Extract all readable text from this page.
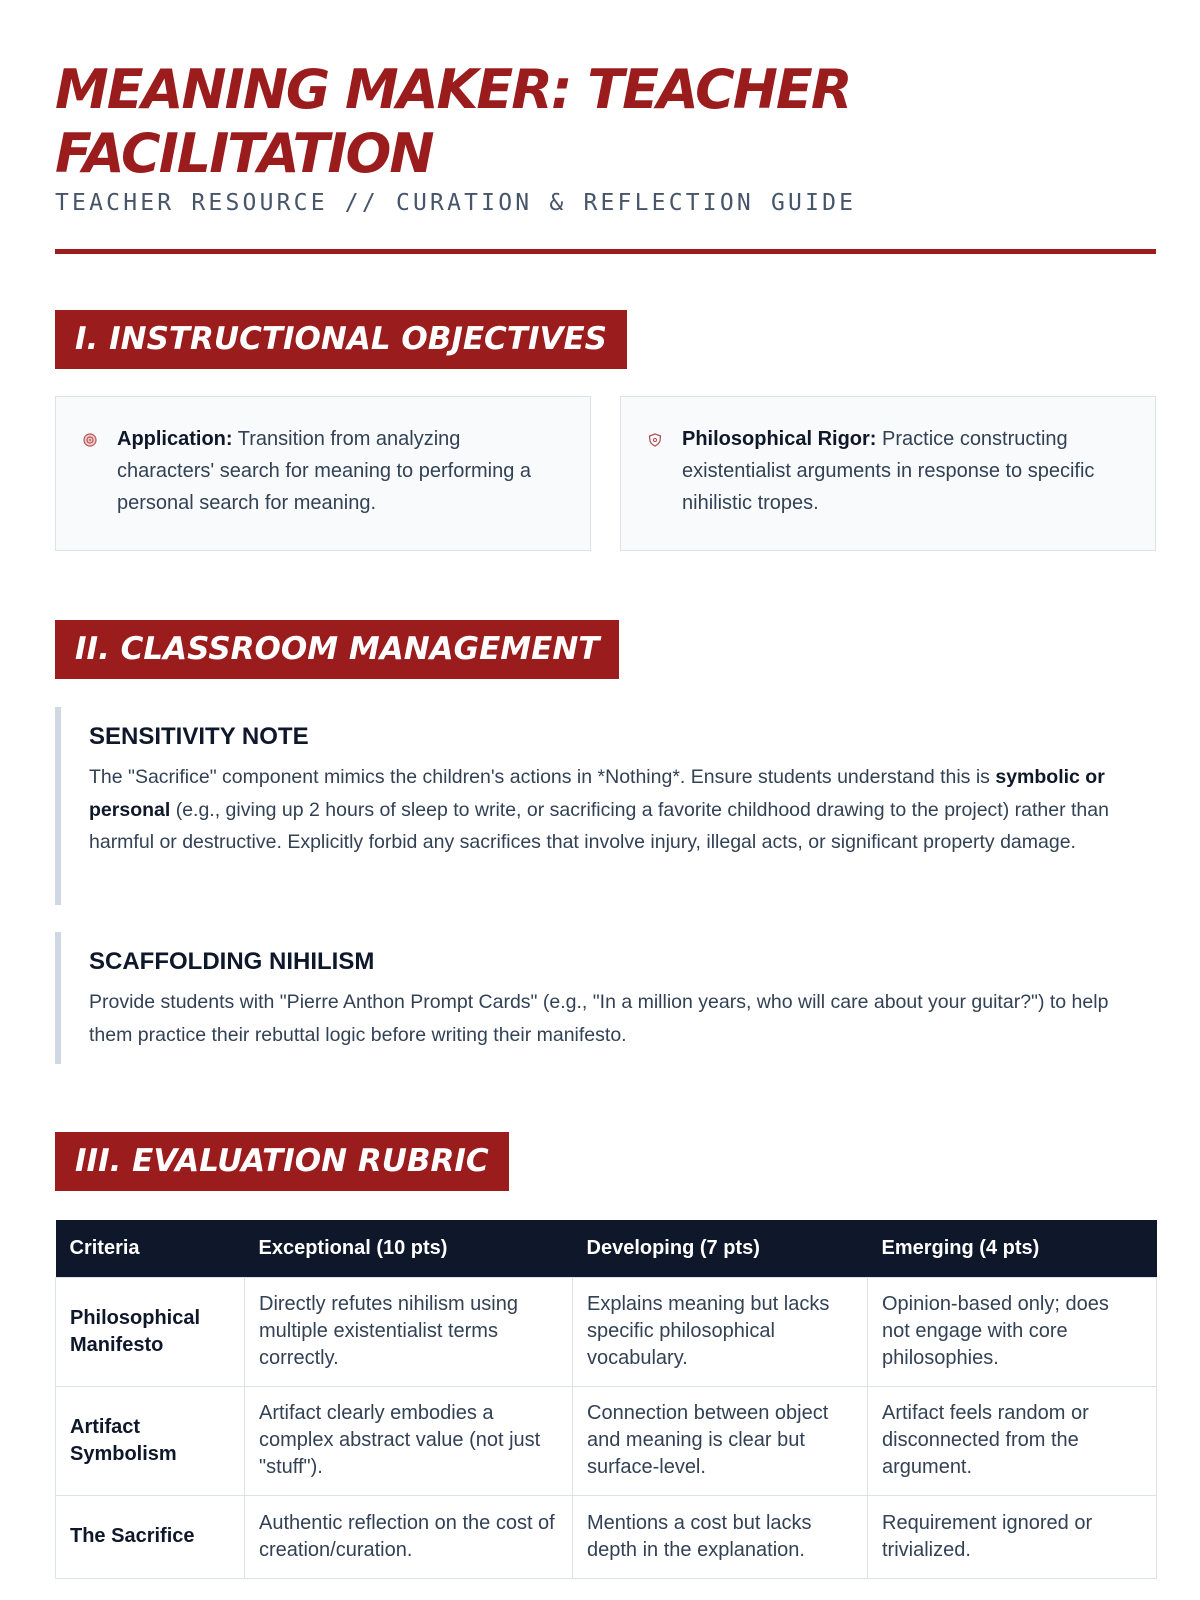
MEANING MAKER: TEACHER FACILITATION
TEACHER RESOURCE // CURATION & REFLECTION GUIDE
I. INSTRUCTIONAL OBJECTIVES
Application: Transition from analyzing characters' search for meaning to performing a personal search for meaning.
Philosophical Rigor: Practice constructing existentialist arguments in response to specific nihilistic tropes.
II. CLASSROOM MANAGEMENT
SENSITIVITY NOTE

The "Sacrifice" component mimics the children's actions in *Nothing*. Ensure students understand this is symbolic or personal (e.g., giving up 2 hours of sleep to write, or sacrificing a favorite childhood drawing to the project) rather than harmful or destructive. Explicitly forbid any sacrifices that involve injury, illegal acts, or significant property damage.

SCAFFOLDING NIHILISM

Provide students with "Pierre Anthon Prompt Cards" (e.g., "In a million years, who will care about your guitar?") to help them practice their rebuttal logic before writing their manifesto.

III. EVALUATION RUBRIC
Criteria	Exceptional (10 pts)	Developing (7 pts)	Emerging (4 pts)
Philosophical Manifesto	Directly refutes nihilism using multiple existentialist terms correctly.	Explains meaning but lacks specific philosophical vocabulary.	Opinion-based only; does not engage with core philosophies.
Artifact Symbolism	Artifact clearly embodies a complex abstract value (not just "stuff").	Connection between object and meaning is clear but surface-level.	Artifact feels random or disconnected from the argument.
The Sacrifice	Authentic reflection on the cost of creation/curation.	Mentions a cost but lacks depth in the explanation.	Requirement ignored or trivialized.
